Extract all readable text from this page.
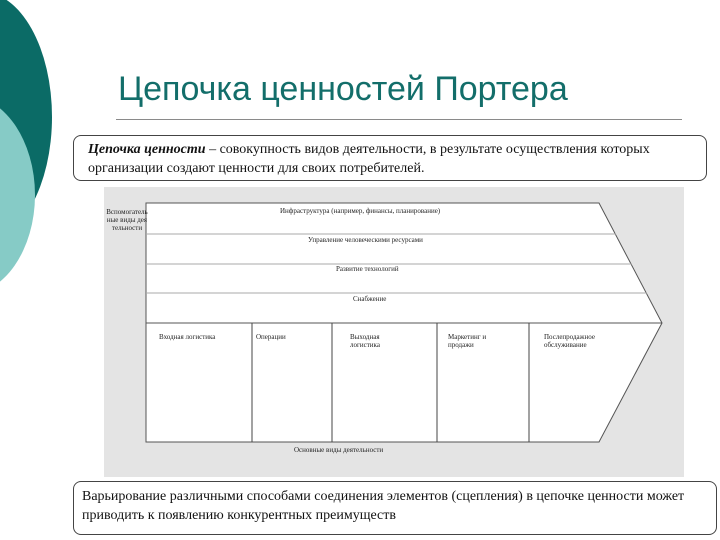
Цепочка ценностей Портера
Цепочка ценности – совокупность видов деятельности, в результате осуществления которых организации создают ценности для своих потребителей.
Вспомогательные виды деятельности
Инфраструктура (например, финансы, планирование)
Управление человеческими ресурсами
Развитие технологий
Снабжение
Входная логистика	Операции	Выходная логистика
Маркетинг и продажи
Послепродажное обслуживание
Основные виды деятельности
Варьирование различными способами соединения элементов (сцепления) в цепочке ценности может приводить к появлению конкурентных преимуществ
